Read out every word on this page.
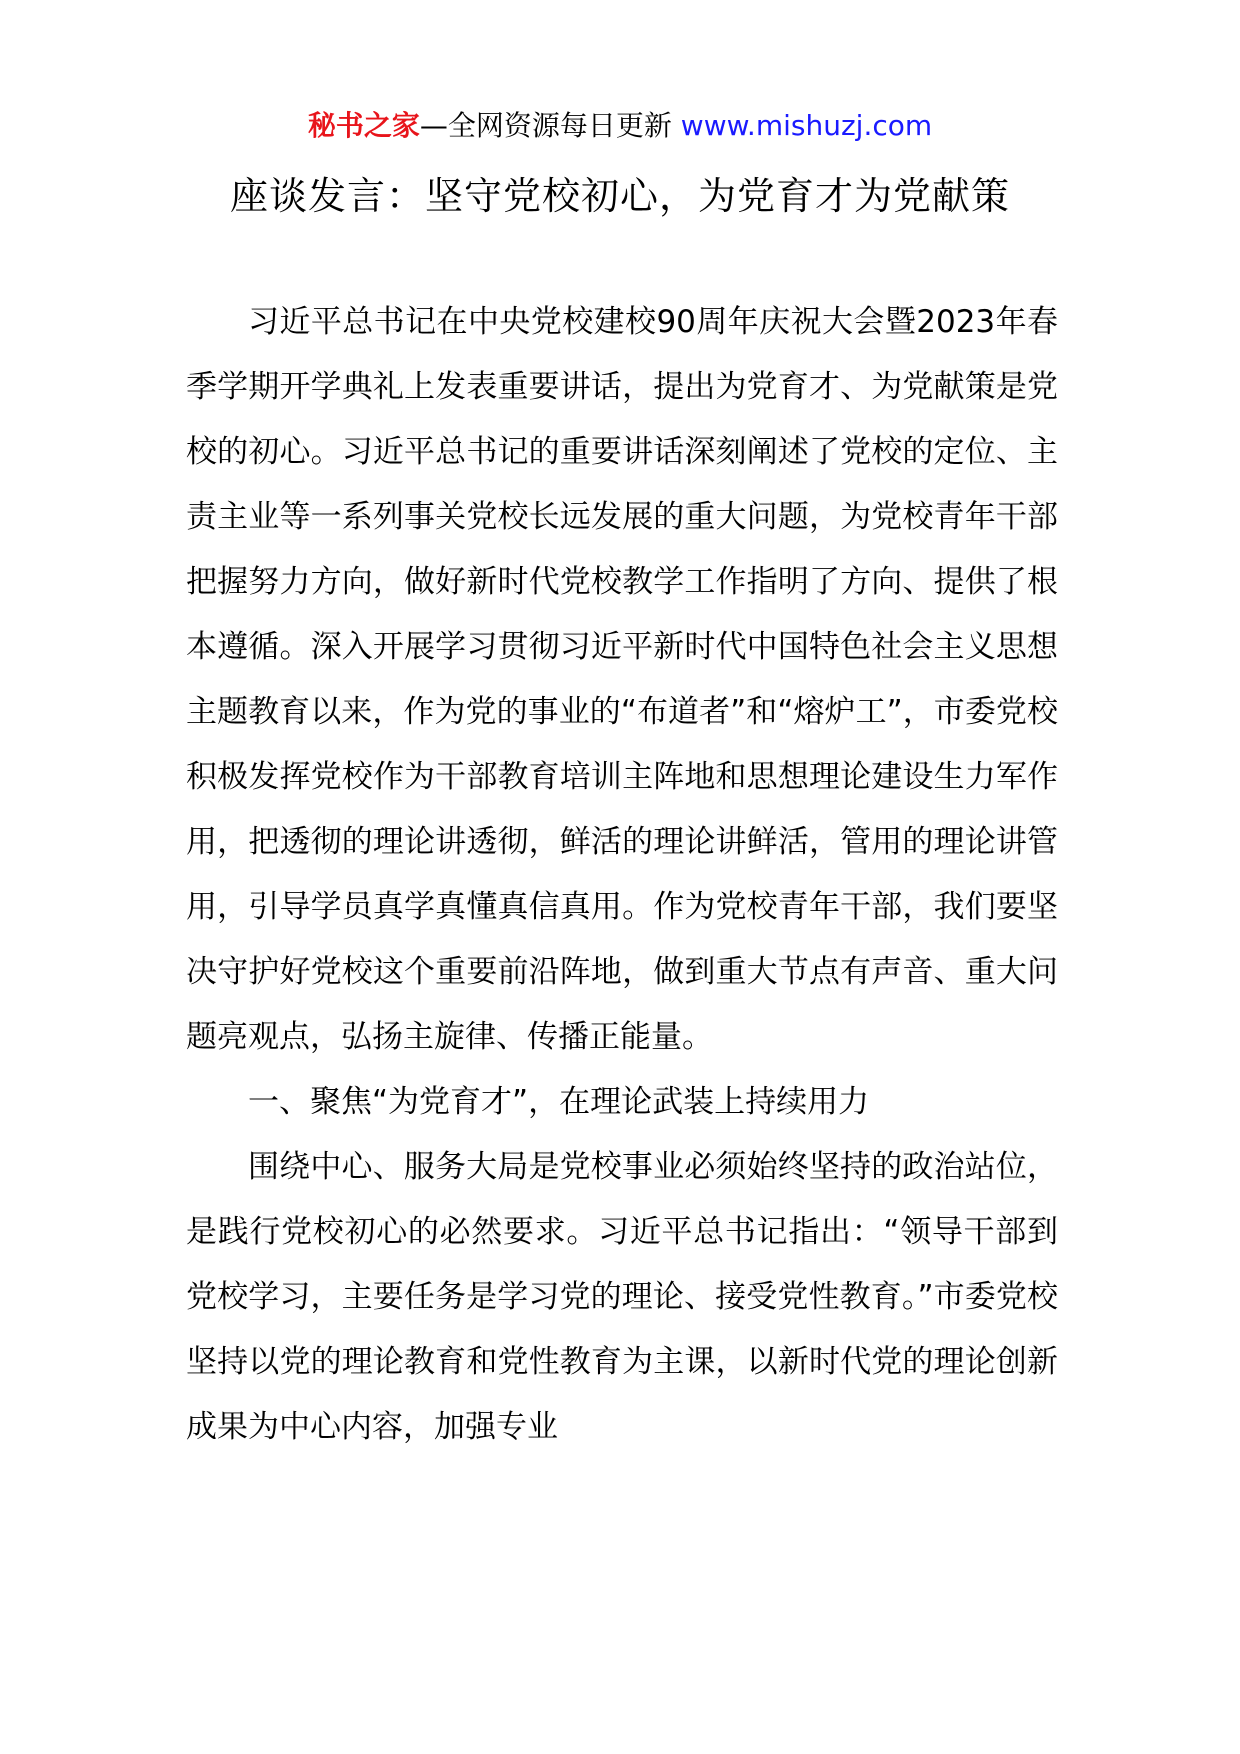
秘书之家—全网资源每日更新 www.mishuzj.com
座谈发言：坚守党校初心，为党育才为党献策

习近平总书记在中央党校建校90周年庆祝大会暨2023年春季学期开学典礼上发表重要讲话，提出为党育才、为党献策是党校的初心。习近平总书记的重要讲话深刻阐述了党校的定位、主责主业等一系列事关党校长远发展的重大问题，为党校青年干部把握努力方向，做好新时代党校教学工作指明了方向、提供了根本遵循。深入开展学习贯彻习近平新时代中国特色社会主义思想主题教育以来，作为党的事业的“布道者”和“熔炉工”，市委党校积极发挥党校作为干部教育培训主阵地和思想理论建设生力军作用，把透彻的理论讲透彻，鲜活的理论讲鲜活，管用的理论讲管用，引导学员真学真懂真信真用。作为党校青年干部，我们要坚决守护好党校这个重要前沿阵地，做到重大节点有声音、重大问题亮观点，弘扬主旋律、传播正能量。

一、聚焦“为党育才”，在理论武装上持续用力

围绕中心、服务大局是党校事业必须始终坚持的政治站位，是践行党校初心的必然要求。习近平总书记指出：“领导干部到党校学习，主要任务是学习党的理论、接受党性教育。”市委党校坚持以党的理论教育和党性教育为主课，以新时代党的理论创新成果为中心内容，加强专业
